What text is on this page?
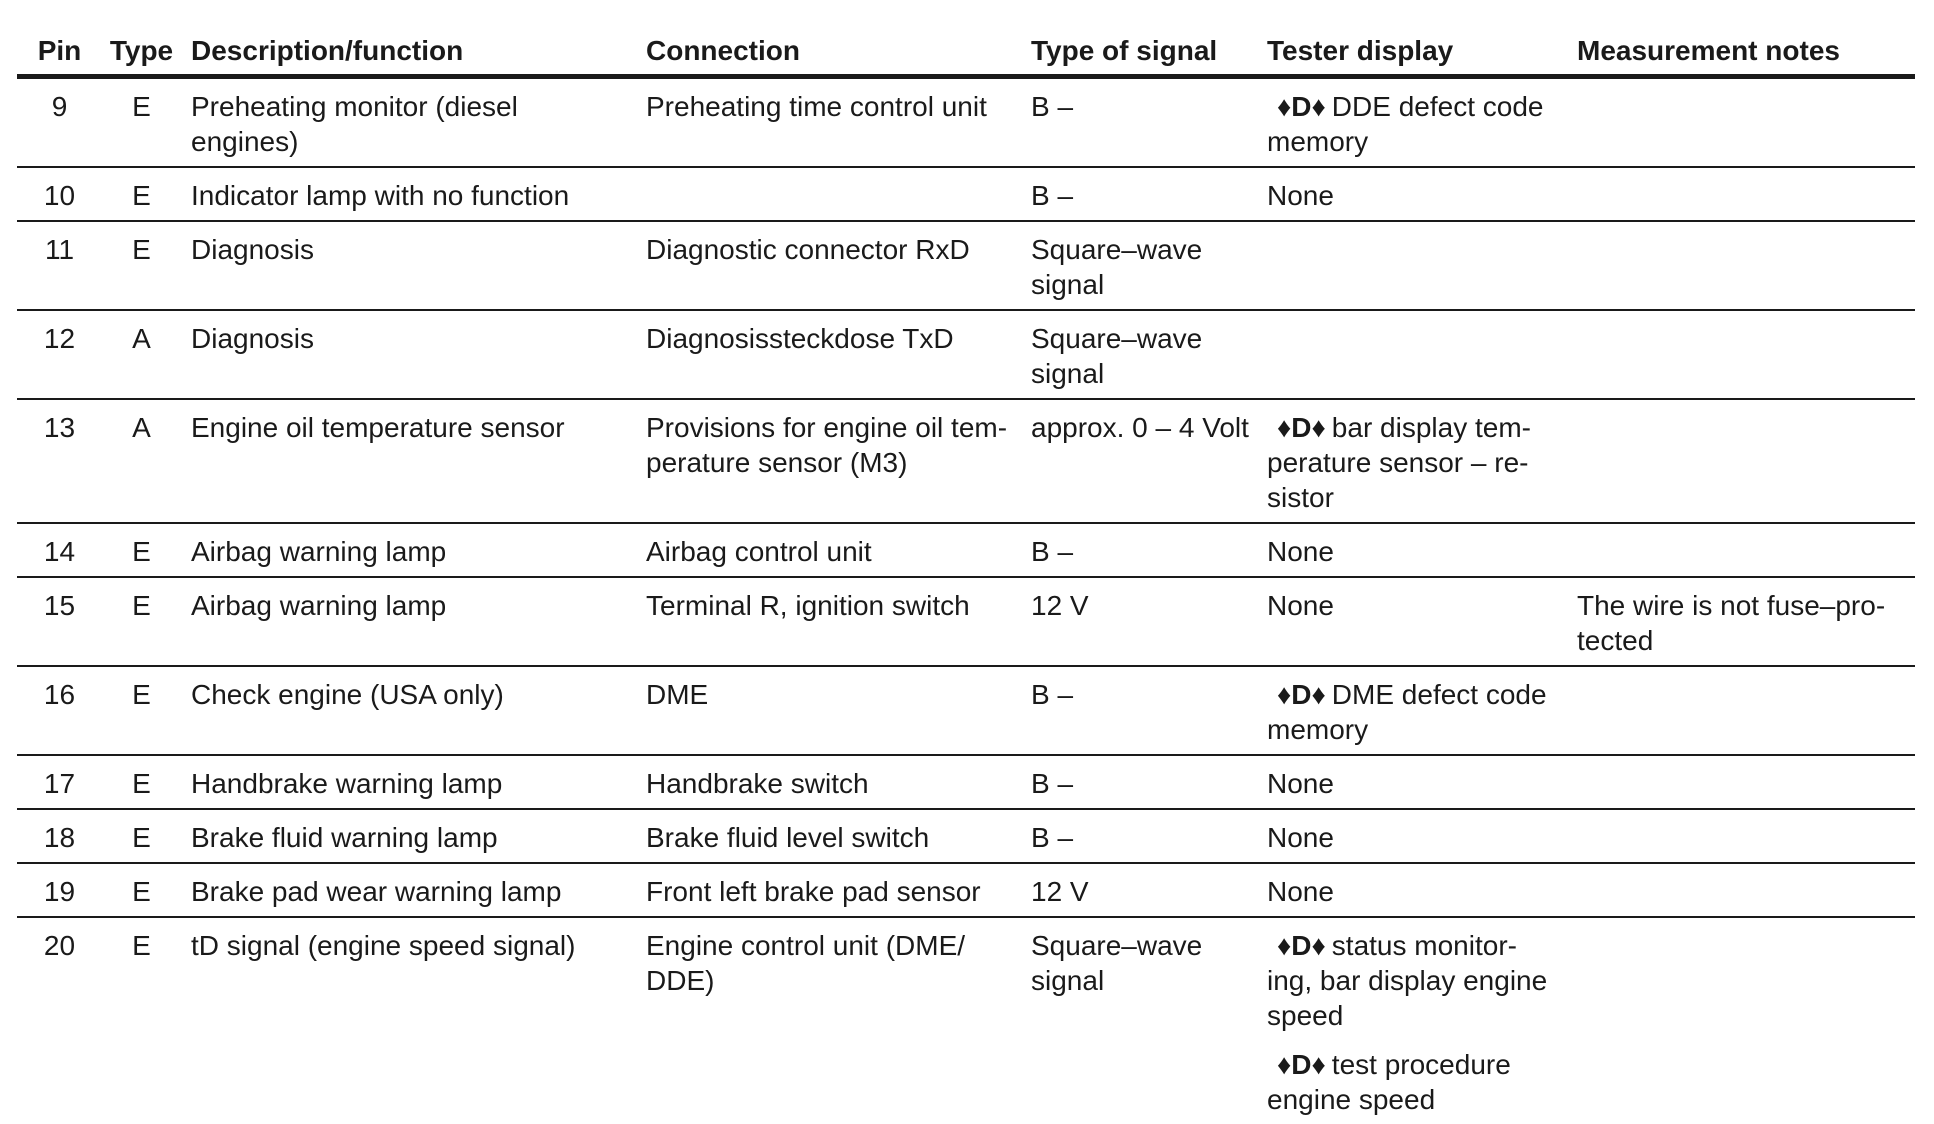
Pin	Type	Description/function	Connection	Type of signal	Tester display	Measurement notes
9	E	Preheating monitor (diesel engines)	Preheating time control unit	B –	♦D♦ DDE defect code memory	

10	E	Indicator lamp with no function		B –	None	

11	E	Diagnosis	Diagnostic connector RxD	Square–wave signal	

12	A	Diagnosis	Diagnosissteckdose TxD	Square–wave signal	

13	A	Engine oil temperature sensor	Provisions for engine oil tem-perature sensor (M3)	approx. 0 – 4 Volt	♦D♦ bar display tem-perature sensor – re-sistor	

14	E	Airbag warning lamp	Airbag control unit	B –	None	

15	E	Airbag warning lamp	Terminal R, ignition switch	12 V	None	The wire is not fuse–pro-tected
16	E	Check engine (USA only)	DME	B –	♦D♦ DME defect code memory	

17	E	Handbrake warning lamp	Handbrake switch	B –	None	

18	E	Brake fluid warning lamp	Brake fluid level switch	B –	None	

19	E	Brake pad wear warning lamp	Front left brake pad sensor	12 V	None	

20	E	tD signal (engine speed signal)	Engine control unit (DME/ DDE)	Square–wave signal	♦D♦ status monitor-ing, bar display engine speed
♦D♦ test procedure engine speed	
